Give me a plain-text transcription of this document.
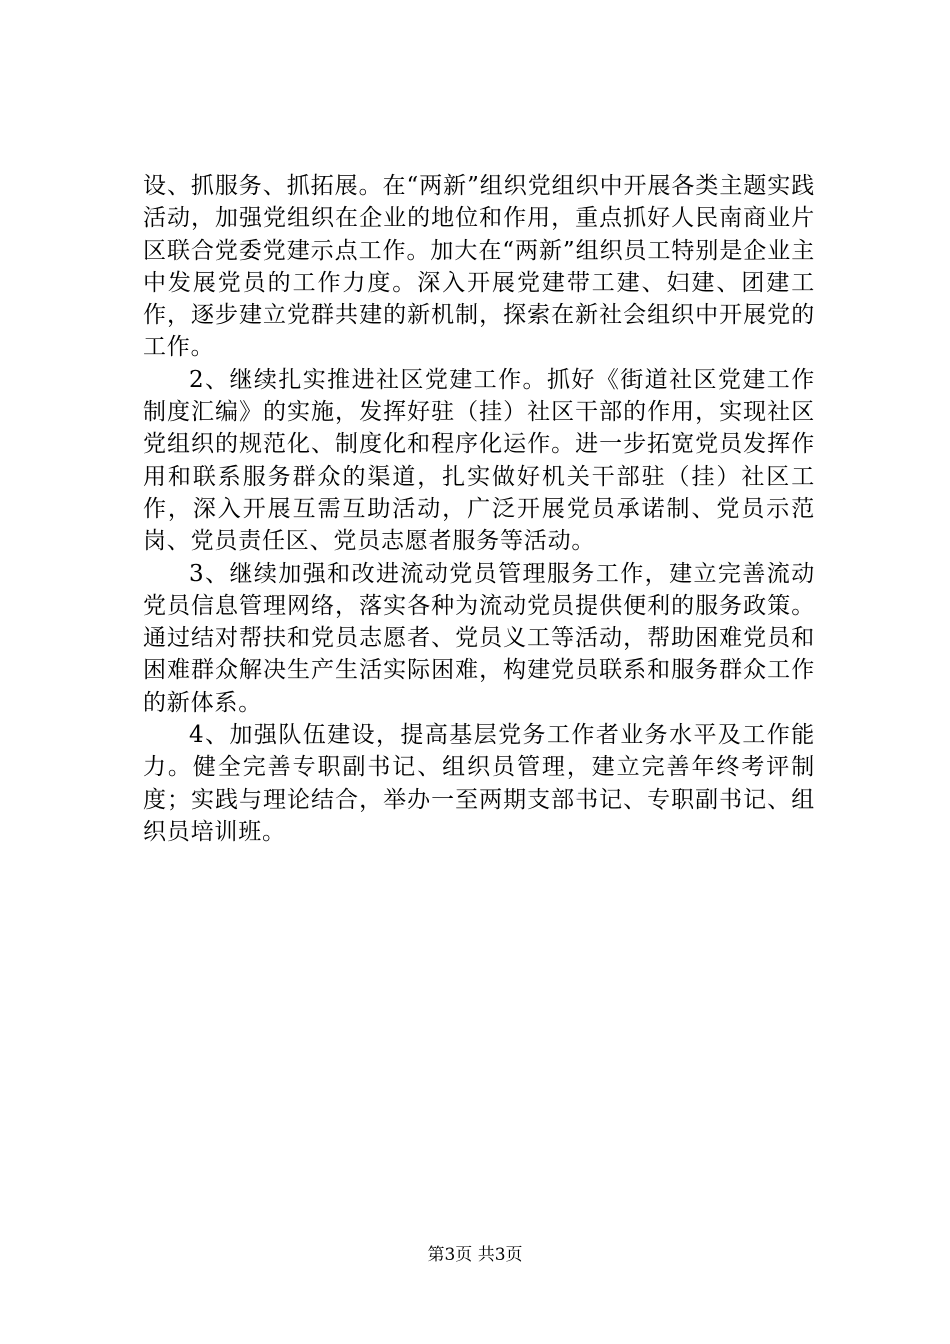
设、抓服务、抓拓展。在“两新”组织党组织中开展各类主题实践活动，加强党组织在企业的地位和作用，重点抓好人民南商业片区联合党委党建示点工作。加大在“两新”组织员工特别是企业主中发展党员的工作力度。深入开展党建带工建、妇建、团建工作，逐步建立党群共建的新机制，探索在新社会组织中开展党的工作。

2、继续扎实推进社区党建工作。抓好《街道社区党建工作制度汇编》的实施，发挥好驻（挂）社区干部的作用，实现社区党组织的规范化、制度化和程序化运作。进一步拓宽党员发挥作用和联系服务群众的渠道，扎实做好机关干部驻（挂）社区工作，深入开展互需互助活动，广泛开展党员承诺制、党员示范岗、党员责任区、党员志愿者服务等活动。

3、继续加强和改进流动党员管理服务工作，建立完善流动党员信息管理网络，落实各种为流动党员提供便利的服务政策。通过结对帮扶和党员志愿者、党员义工等活动，帮助困难党员和困难群众解决生产生活实际困难，构建党员联系和服务群众工作的新体系。

4、加强队伍建设，提高基层党务工作者业务水平及工作能力。健全完善专职副书记、组织员管理，建立完善年终考评制度；实践与理论结合，举办一至两期支部书记、专职副书记、组织员培训班。

第3页 共3页
